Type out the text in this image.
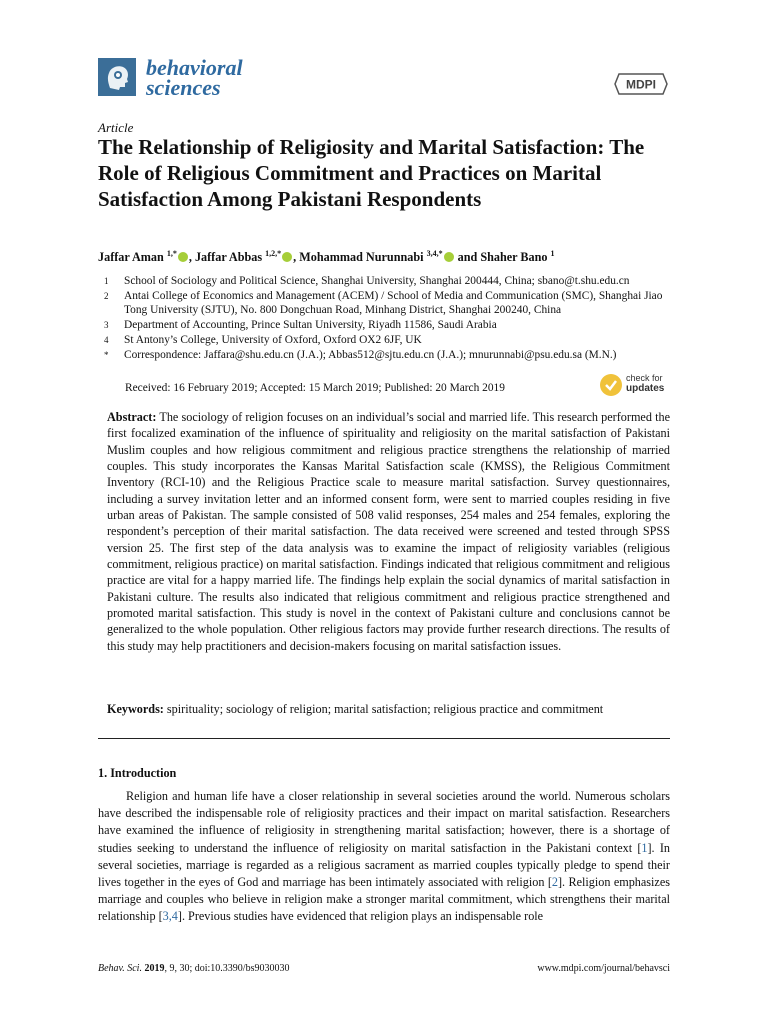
behavioral
sciences	MDPI
Article
The Relationship of Religiosity and Marital Satisfaction: The Role of Religious Commitment and Practices on Marital Satisfaction Among Pakistani Respondents
Jaffar Aman $^{1,*}$ , Jaffar Abbas $^{1,2,*}$ , Mohammad Nurunnabi $^{3,4,*}$ and Shaher Bano $^1$
1	School of Sociology and Political Science, Shanghai University, Shanghai 200444, China; sbano@t.shu.edu.cn
2	Antai College of Economics and Management (ACEM) / School of Media and Communication (SMC), Shanghai Jiao Tong University (SJTU), No. 800 Dongchuan Road, Minhang District, Shanghai 200240, China
3	Department of Accounting, Prince Sultan University, Riyadh 11586, Saudi Arabia
4	St Antony’s College, University of Oxford, Oxford OX2 6JF, UK
*	Correspondence: Jaffara@shu.edu.cn (J.A.); Abbas512@sjtu.edu.cn (J.A.); mnurunnabi@psu.edu.sa (M.N.)
Received: 16 February 2019; Accepted: 15 March 2019; Published: 20 March 2019
check for
updates
Abstract: The sociology of religion focuses on an individual’s social and married life. This research performed the first focalized examination of the influence of spirituality and religiosity on the marital satisfaction of Pakistani Muslim couples and how religious commitment and religious practice strengthens the relationship of married couples. This study incorporates the Kansas Marital Satisfaction scale (KMSS), the Religious Commitment Inventory (RCI-10) and the Religious Practice scale to measure marital satisfaction. Survey questionnaires, including a survey invitation letter and an informed consent form, were sent to married couples residing in five urban areas of Pakistan. The sample consisted of 508 valid responses, 254 males and 254 females, exploring the respondent’s perception of their marital satisfaction. The data received were screened and tested through SPSS version 25. The first step of the data analysis was to examine the impact of religiosity variables (religious commitment, religious practice) on marital satisfaction. Findings indicated that religious commitment and religious practice are vital for a happy married life. The findings help explain the social dynamics of marital satisfaction in Pakistani culture. The results also indicated that religious commitment and religious practice strengthened and promoted marital satisfaction. This study is novel in the context of Pakistani culture and conclusions cannot be generalized to the whole population. Other religious factors may provide further research directions. The results of this study may help practitioners and decision-makers focusing on marital satisfaction issues.
Keywords: spirituality; sociology of religion; marital satisfaction; religious practice and commitment
1. Introduction
Religion and human life have a closer relationship in several societies around the world. Numerous scholars have described the indispensable role of religiosity practices and their impact on marital satisfaction. Researchers have examined the influence of religiosity in strengthening marital satisfaction; however, there is a shortage of studies seeking to understand the influence of religiosity on marital satisfaction in the Pakistani context [1]. In several societies, marriage is regarded as a religious sacrament as married couples typically pledge to spend their lives together in the eyes of God and marriage has been intimately associated with religion [2]. Religion emphasizes marriage and couples who believe in religion make a stronger marital commitment, which strengthens their marital relationship [3,4]. Previous studies have evidenced that religion plays an indispensable role
Behav. Sci. 2019, 9, 30; doi:10.3390/bs9030030	www.mdpi.com/journal/behavsci
